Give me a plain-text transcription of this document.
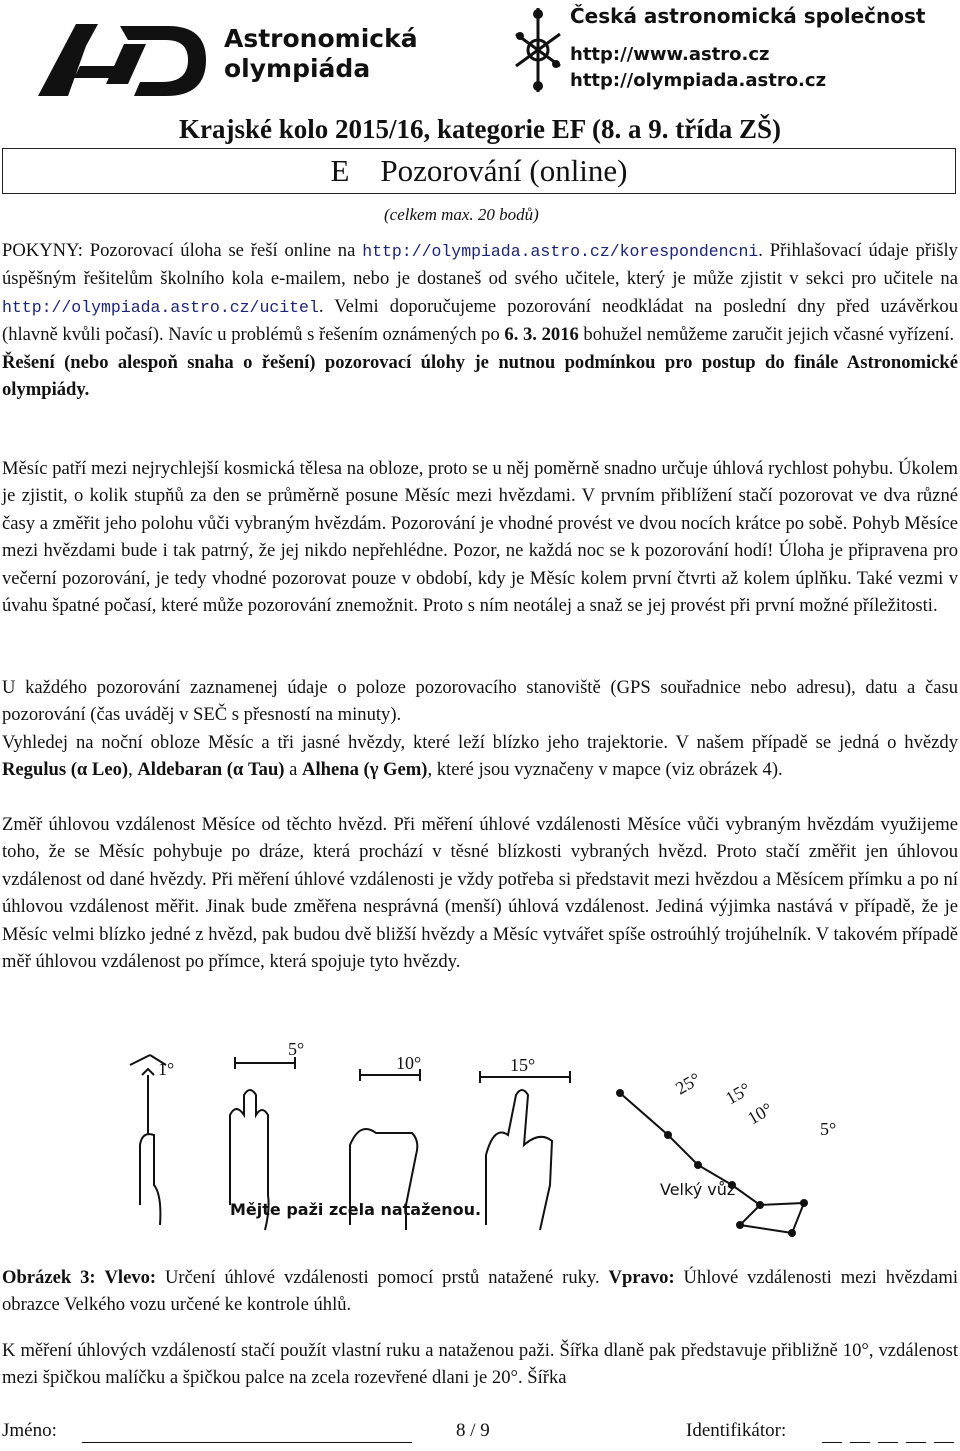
Astronomická
olympiáda
Česká astronomická společnost
http://www.astro.cz
http://olympiada.astro.cz
Krajské kolo 2015/16, kategorie EF (8. a 9. třída ZŠ)
E    Pozorování (online)
(celkem max. 20 bodů)
POKYNY: Pozorovací úloha se řeší online na http://olympiada.astro.cz/korespondencni. Přihlašovací údaje přišly úspěšným řešitelům školního kola e-mailem, nebo je dostaneš od svého učitele, který je může zjistit v sekci pro učitele na http://olympiada.astro.cz/ucitel. Velmi doporučujeme pozorování neodkládat na poslední dny před uzávěrkou (hlavně kvůli počasí). Navíc u problémů s řešením oznámených po 6. 3. 2016 bohužel nemůžeme zaručit jejich včasné vyřízení.
Řešení (nebo alespoň snaha o řešení) pozorovací úlohy je nutnou podmínkou pro postup do finále Astronomické olympiády.
Měsíc patří mezi nejrychlejší kosmická tělesa na obloze, proto se u něj poměrně snadno určuje úhlová rychlost pohybu. Úkolem je zjistit, o kolik stupňů za den se průměrně posune Měsíc mezi hvězdami. V prvním přiblížení stačí pozorovat ve dva různé časy a změřit jeho polohu vůči vybraným hvězdám. Pozorování je vhodné provést ve dvou nocích krátce po sobě. Pohyb Měsíce mezi hvězdami bude i tak patrný, že jej nikdo nepřehlédne. Pozor, ne každá noc se k pozorování hodí! Úloha je připravena pro večerní pozorování, je tedy vhodné pozorovat pouze v období, kdy je Měsíc kolem první čtvrti až kolem úplňku. Také vezmi v úvahu špatné počasí, které může pozorování znemožnit. Proto s ním neotálej a snaž se jej provést při první možné příležitosti.
U každého pozorování zaznamenej údaje o poloze pozorovacího stanoviště (GPS souřadnice nebo adresu), datu a času pozorování (čas uváděj v SEČ s přesností na minuty).
Vyhledej na noční obloze Měsíc a tři jasné hvězdy, které leží blízko jeho trajektorie. V našem případě se jedná o hvězdy Regulus (α Leo), Aldebaran (α Tau) a Alhena (γ Gem), které jsou vyznačeny v mapce (viz obrázek 4).
Změř úhlovou vzdálenost Měsíce od těchto hvězd. Při měření úhlové vzdálenosti Měsíce vůči vybraným hvězdám využijeme toho, že se Měsíc pohybuje po dráze, která prochází v těsné blízkosti vybraných hvězd. Proto stačí změřit jen úhlovou vzdálenost od dané hvězdy. Při měření úhlové vzdálenosti je vždy potřeba si představit mezi hvězdou a Měsícem přímku a po ní úhlovou vzdálenost měřit. Jinak bude změřena nesprávná (menší) úhlová vzdálenost. Jediná výjimka nastává v případě, že je Měsíc velmi blízko jedné z hvězd, pak budou dvě bližší hvězdy a Měsíc vytvářet spíše ostroúhlý trojúhelník. V takovém případě měř úhlovou vzdálenost po přímce, která spojuje tyto hvězdy.
1°
5°
10°	15°
25° 15°
10°
5°
Velký vůz
Mějte paži zcela nataženou.
Obrázek 3: Vlevo: Určení úhlové vzdálenosti pomocí prstů natažené ruky. Vpravo: Úhlové vzdálenosti mezi hvězdami obrazce Velkého vozu určené ke kontrole úhlů.
K měření úhlových vzdáleností stačí použít vlastní ruku a nataženou paži. Šířka dlaně pak představuje přibližně 10°, vzdálenost mezi špičkou malíčku a špičkou palce na zcela rozevřené dlani je 20°. Šířka
Jméno:	8 / 9	Identifikátor:
